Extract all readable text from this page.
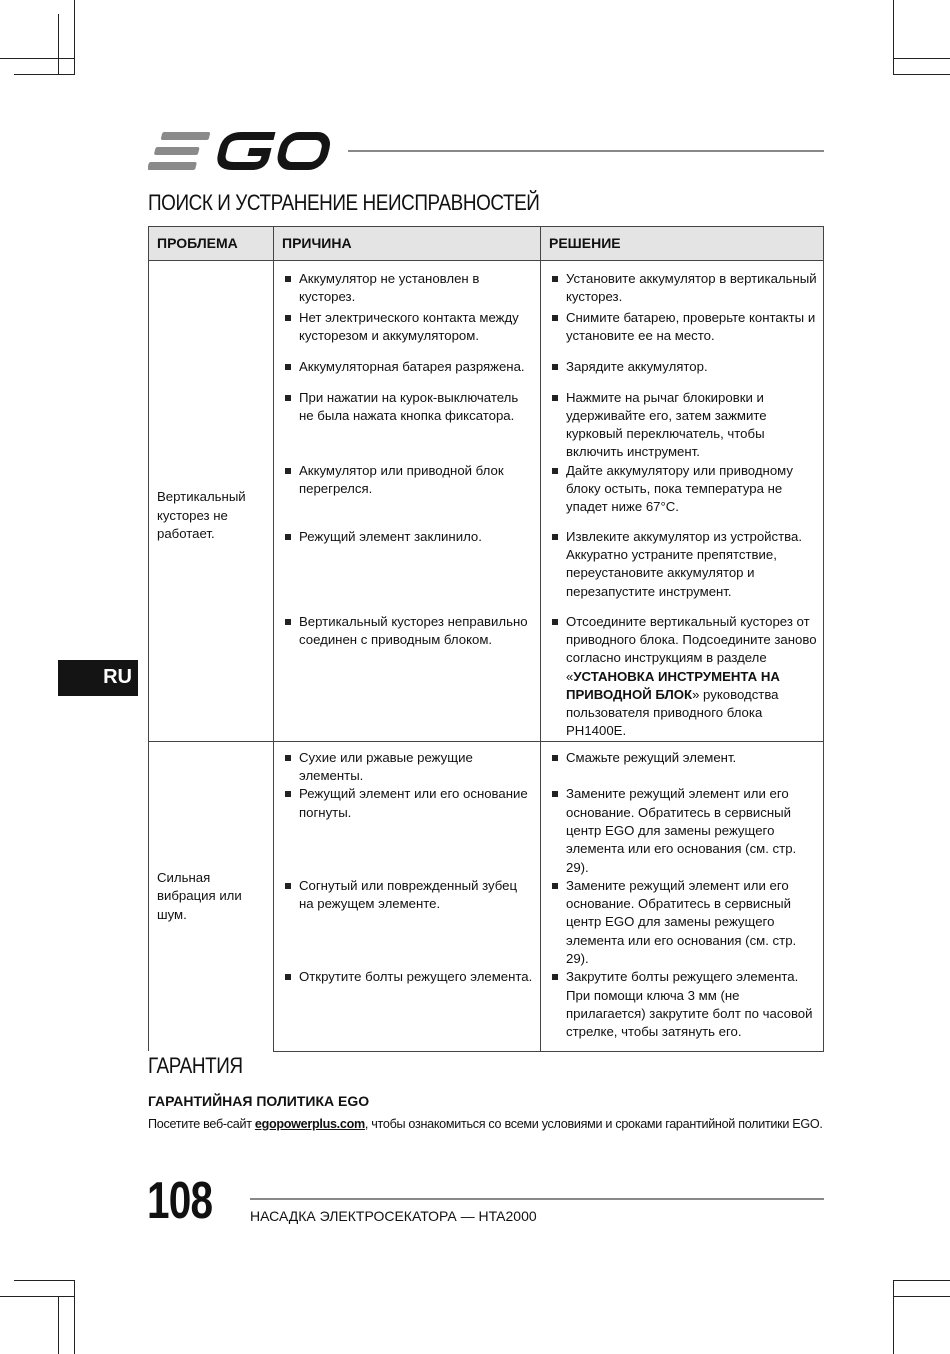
ПОИСК И УСТРАНЕНИЕ НЕИСПРАВНОСТЕЙ
RU
ПРОБЛЕМА	ПРИЧИНА	РЕШЕНИЕ
Вертикальный кусторез не работает.	Аккумулятор не установлен в кусторез.	Установите аккумулятор в вертикальный кусторез.

	Нет электрического контакта между кусторезом и аккумулятором.	Снимите батарею, проверьте контакты и установите ее на место.

	Аккумуляторная батарея разряжена.	Зарядите аккумулятор.

	При нажатии на курок-выключатель не была нажата кнопка фиксатора.	Нажмите на рычаг блокировки и удерживайте его, затем зажмите курковый переключатель, чтобы включить инструмент.

	Аккумулятор или приводной блок перегрелся.	Дайте аккумулятору или приводному блоку остыть, пока температура не упадет ниже 67°C.

	Режущий элемент заклинило.	Извлеките аккумулятор из устройства. Аккуратно устраните препятствие, переустановите аккумулятор и перезапустите инструмент.

	Вертикальный кусторез неправильно соединен с приводным блоком.	Отсоедините вертикальный кусторез от приводного блока. Подсоедините заново согласно инструкциям в разделе «УСТАНОВКА ИНСТРУМЕНТА НА ПРИВОДНОЙ БЛОК» руководства пользователя приводного блока PH1400E.

Сильная вибрация или шум.	Сухие или ржавые режущие элементы.	Смажьте режущий элемент.

	Режущий элемент или его основание погнуты.	Замените режущий элемент или его основание. Обратитесь в сервисный центр EGO для замены режущего элемента или его основания (см. стр. 29).

	Согнутый или поврежденный зубец на режущем элементе.	Замените режущий элемент или его основание. Обратитесь в сервисный центр EGO для замены режущего элемента или его основания (см. стр. 29).

	Открутите болты режущего элемента.	Закрутите болты режущего элемента. При помощи ключа 3 мм (не прилагается) закрутите болт по часовой стрелке, чтобы затянуть его.
ГАРАНТИЯ
ГАРАНТИЙНАЯ ПОЛИТИКА EGO
Посетите веб-сайт egopowerplus.com, чтобы ознакомиться со всеми условиями и сроками гарантийной политики EGO.
108	НАСАДКА ЭЛЕКТРОСЕКАТОРА — HTA2000
